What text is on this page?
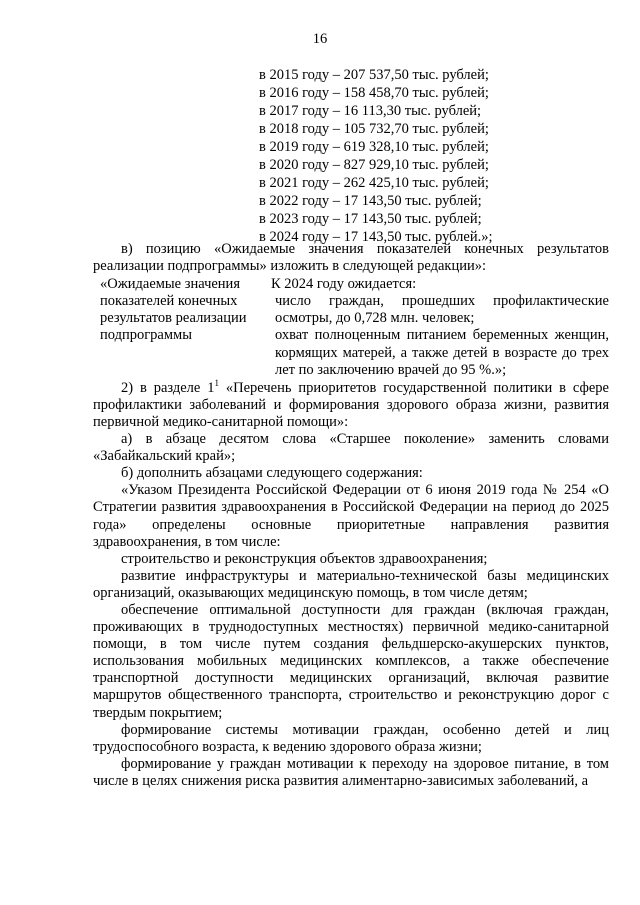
16
в 2015 году – 207 537,50 тыс. рублей;
в 2016 году – 158 458,70 тыс. рублей;
в 2017 году – 16 113,30 тыс. рублей;
в 2018 году – 105 732,70 тыс. рублей;
в 2019 году – 619 328,10 тыс. рублей;
в 2020 году – 827 929,10 тыс. рублей;
в 2021 году – 262 425,10 тыс. рублей;
в 2022 году – 17 143,50 тыс. рублей;
в 2023 году – 17 143,50 тыс. рублей;
в 2024 году – 17 143,50 тыс. рублей.»;

в) позицию «Ожидаемые значения показателей конечных результатов реализации подпрограммы» изложить в следующей редакции»:

«Ожидаемые значения показателей конечных результатов реализации подпрограммы

К 2024 году ожидается:

число граждан, прошедших профилактические осмотры, до 0,728 млн. человек;

охват полноценным питанием беременных женщин, кормящих матерей, а также детей в возрасте до трех лет по заключению врачей до 95 %.»;

2) в разделе $1^1$ «Перечень приоритетов государственной политики в сфере профилактики заболеваний и формирования здорового образа жизни, развития первичной медико-санитарной помощи»:

а) в абзаце десятом слова «Старшее поколение» заменить словами «Забайкальский край»;

б) дополнить абзацами следующего содержания:

«Указом Президента Российской Федерации от 6 июня 2019 года № 254 «О Стратегии развития здравоохранения в Российской Федерации на период до 2025 года» определены основные приоритетные направления развития здравоохранения, в том числе:

строительство и реконструкция объектов здравоохранения;

развитие инфраструктуры и материально-технической базы медицинских организаций, оказывающих медицинскую помощь, в том числе детям;

обеспечение оптимальной доступности для граждан (включая граждан, проживающих в труднодоступных местностях) первичной медико-санитарной помощи, в том числе путем создания фельдшерско-акушерских пунктов, использования мобильных медицинских комплексов, а также обеспечение транспортной доступности медицинских организаций, включая развитие маршрутов общественного транспорта, строительство и реконструкцию дорог с твердым покрытием;

формирование системы мотивации граждан, особенно детей и лиц трудоспособного возраста, к ведению здорового образа жизни;

формирование у граждан мотивации к переходу на здоровое питание, в том числе в целях снижения риска развития алиментарно-зависимых заболеваний, а
